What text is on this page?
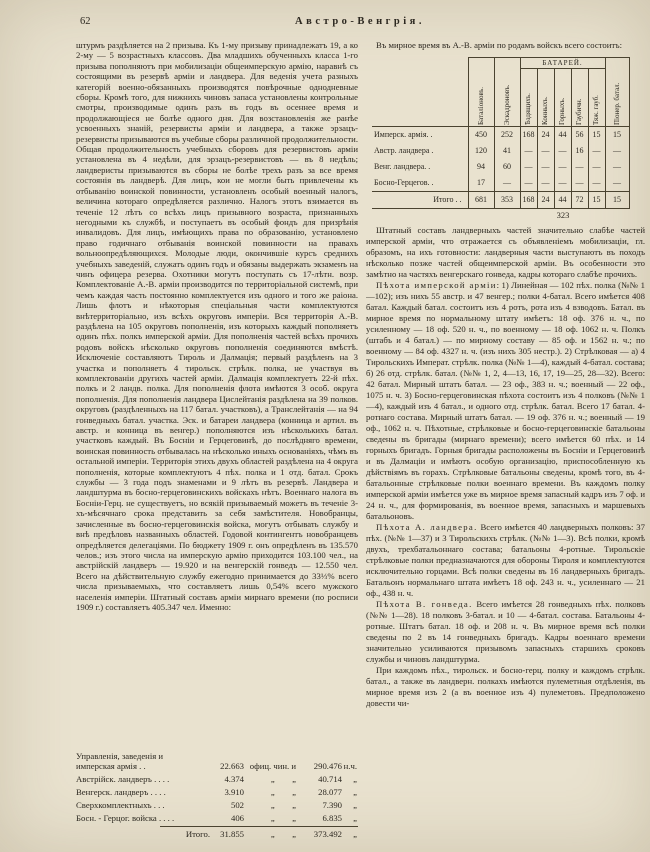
62	Австро-Венгрія.
штурмъ раздѣляется на 2 призыва. Къ 1-му призыву принадлежатъ 19, а ко 2-му — 5 возрастныхъ классовъ. Два младшихъ обученныхъ класса 1-го призыва пополняютъ при мобилизаціи общеимперскую армію, наравнѣ съ состоящими въ резервѣ арміи и ландвера. Для веденія учета разныхъ категорій военно-обязанныхъ производятся повѣрочные однодневные сборы. Кромѣ того, для нижнихъ чиновъ запаса установлены контрольные смотры, производимые одинъ разъ въ годъ въ осеннее время и продолжающіеся не болѣе одного дня. Для возстановленія же ранѣе усвоенныхъ знаній, резервисты арміи и ландвера, а также эрзацъ-резервисты призываются въ учебные сборы различной продолжительности. Общая продолжительность учебныхъ сборовъ для резервистовъ арміи установлена въ 4 недѣли, для эрзацъ-резервистовъ — въ 8 недѣль; ландверисты призываются въ сборы не болѣе трехъ разъ за все время состоянія въ ландверѣ. Для лицъ, кои не могли быть привлечены къ отбыванію воинской повинности, установленъ особый военный налогъ, величина котораго опредѣляется различно. Налогъ этотъ взимается въ теченіе 12 лѣтъ со всѣхъ лицъ призывного возраста, признанныхъ негодными къ службѣ, и поступаетъ въ особый фондъ для призрѣнія инвалидовъ. Для лицъ, имѣющихъ права по образованію, установлено право годичнаго отбыванія воинской повинности на правахъ вольноопредѣляющихся. Молодые люди, окончившіе курсъ среднихъ учебныхъ заведеній, служатъ одинъ годъ и обязаны выдержать экзаменъ на чинъ офицера резерва. Охотники могутъ поступать съ 17-лѣтн. возр. Комплектованіе А.-В. арміи производится по территоріальной системѣ, при чемъ каждая часть постоянно комплектуется изъ одного и того же раіона. Лишь флотъ и нѣкоторыя спеціальныя части комплектуются внѣтерриторіально, изъ всѣхъ округовъ имперіи. Вся территорія А.-В. раздѣлена на 105 округовъ пополненія, изъ которыхъ каждый пополняетъ одинъ пѣх. полкъ имперской арміи. Для пополненія частей всѣхъ прочихъ родовъ войскъ нѣсколько округовъ пополненія соединяются вмѣстѣ. Исключеніе составляютъ Тироль и Далмація; первый раздѣленъ на 3 участка и пополняетъ 4 тирольск. стрѣлк. полка, не участвуя въ комплектованіи другихъ частей арміи. Далмація комплектуетъ 22-й пѣх. полкъ и 2 ландв. полка. Для пополненія флота имѣются 3 особ. округа пополненія. Для пополненія ландвера Цислейтанія раздѣлена на 39 полков. округовъ (раздѣленныхъ на 117 батал. участковъ), а Транслейтанія — на 94 гонведныхъ батал. участка. Эск. и батареи ландвера (конница и артил. въ австр. и конница въ венгер.) пополняются изъ нѣсколькихъ батал. участковъ каждый. Въ Босніи и Герцеговинѣ, до послѣдняго времени, воинская повинность отбывалась на нѣсколько иныхъ основаніяхъ, чѣмъ въ остальной имперіи. Территорія этихъ двухъ областей раздѣлена на 4 округа пополненія, которые комплектуютъ 4 пѣх. полка и 1 отд. батал. Срокъ службы — 3 года подъ знаменами и 9 лѣтъ въ резервѣ. Ландвера и ландштурма въ босно-герцеговинскихъ войскахъ нѣтъ. Военнаго налога въ Босніи-Герц. не существуетъ, но всякій призываемый можетъ въ теченіе 3-хъ-мѣсячнаго срока представить за себя замѣстителя. Новобранцы, зачисленные въ босно-герцеговинскія войска, могутъ отбывать службу и внѣ предѣловъ названныхъ областей. Годовой контингентъ новобранцевъ опредѣляется делегаціями. По бюджету 1909 г. онъ опредѣленъ въ 135.570 челов.; изъ этого числа на имперскую армію приходится 103.100 чел., на австрійскій ландверъ — 19.920 и на венгерскій гонведъ — 12.550 чел. Всего на дѣйствительную службу ежегодно принимается до 33⅓% всего числа призываемыхъ, что составляетъ лишь 0,54% всего мужского населенія имперіи. Штатный составъ арміи мирнаго времени (по росписи 1909 г.) составляетъ 405.347 чел. Именно:
Управленія, заведенія и имперская армія . .	22.663 офиц. чин. и 290.476 н.ч.
Австрійск. ландверъ . . . .	4.374	„        „	40.714 „
Венгерск. ландверъ . . . .	3.910	„        „	28.077 „
Сверхкомплектныхъ . . .	502	„        „	7.390 „
Босн. - Герцог. войска . . . .	406	„        „	6.835 „
Итого.	31.855	„        „ 373.492 „
Въ мирное время въ А.-В. арміи по родамъ войскъ всего состоитъ:

	Баталіоновъ.	Эскадроновъ.	БАТАРЕЙ.					Піонер. батал.

			Ѣздящихъ.	Конныхъ.	Горныхъ.	Гаубичн.	Тяж. гауб.	

Имперск. армія. .	450	252	168	24	44	56	15	15
Австр. ландвера .	120	41	—	—	—	16	—	—
Венг. ландвера. .	94	60	—	—	—	—	—	—
Босно-Герцегов. .	17	—	—	—	—	—	—	—
Итого . .	681	353	168	24	44	72	15	15
323

Штатный составъ ландверныхъ частей значительно слабѣе частей имперской арміи, что отражается съ объявленіемъ мобилизаціи, гл. образомъ, на ихъ готовности: ландверныя части выступаютъ въ походъ нѣсколько позже частей общеимперской арміи. Въ особенности это замѣтно на частяхъ венгерскаго гонведа, кадры котораго слабѣе прочихъ.

Пѣхота имперской арміи: 1) Линейная — 102 пѣх. полка (№№ 1—102); изъ нихъ 55 австр. и 47 венгер.; полки 4-батал. Всего имѣется 408 батал. Каждый батал. состоитъ изъ 4 ротъ, рота изъ 4 взводовъ. Батал. въ мирное время по нормальному штату имѣетъ: 18 оф. 376 н. ч., по усиленному — 18 оф. 520 н. ч., по военному — 18 оф. 1062 н. ч. Полкъ (штабъ и 4 батал.) — по мирному составу — 85 оф. и 1562 н. ч.; по военному — 84 оф. 4327 н. ч. (изъ нихъ 305 нестр.). 2) Стрѣлковая — а) 4 Тирольскихъ Императ. стрѣлк. полка (№№ 1—4), каждый 4-батал. состава; б) 26 отд. стрѣлк. батал. (№№ 1, 2, 4—13, 16, 17, 19—25, 28—32). Всего: 42 батал. Мирный штатъ батал. — 23 оф., 383 н. ч.; военный — 22 оф., 1075 н. ч. 3) Босно-герцеговинская пѣхота состоитъ изъ 4 полковъ (№№ 1—4), каждый изъ 4 батал., и одного отд. стрѣлк. батал. Всего 17 батал. 4-ротнаго состава. Мирный штатъ батал. — 19 оф. 376 н. ч.; военный — 19 оф., 1062 н. ч. Пѣхотные, стрѣлковые и босно-герцеговинскіе батальоны сведены въ бригады (мирнаго времени); всего имѣется 60 пѣх. и 14 горныхъ бригадъ. Горныя бригады расположены въ Босніи и Герцеговинѣ и въ Далмаціи и имѣютъ особую организацію, приспособленную къ дѣйствіямъ въ горахъ. Стрѣлковые батальоны сведены, кромѣ того, въ 4-батальонные стрѣлковые полки военнаго времени. Въ каждомъ полку имперской арміи имѣется уже въ мирное время запасный кадръ изъ 7 оф. и 24 н. ч., для формированія, въ военное время, запасныхъ и маршевыхъ батальоновъ.

Пѣхота А. ландвера. Всего имѣется 40 ландверныхъ полковъ: 37 пѣх. (№№ 1—37) и 3 Тирольскихъ стрѣлк. (№№ 1—3). Всѣ полки, кромѣ двухъ, трехбатальоннаго состава; батальоны 4-ротные. Тирольскіе стрѣлковые полки предназначаются для обороны Тироля и комплектуются исключительно горцами. Всѣ полки сведены въ 16 ландверныхъ бригадъ. Батальонъ нормальнаго штата имѣетъ 18 оф. 243 н. ч., усиленнаго — 21 оф., 438 н. ч.

Пѣхота В. гонведа. Всего имѣется 28 гонведныхъ пѣх. полковъ (№№ 1—28). 18 полковъ 3-батал. и 10 — 4-батал. состава. Батальоны 4-ротные. Штатъ батал. 18 оф. и 208 н. ч. Въ мирное время всѣ полки сведены по 2 въ 14 гонведныхъ бригадъ. Кадры военнаго времени значительно усиливаются призывомъ запасныхъ старшихъ сроковъ службы и чиновъ ландштурма.

При каждомъ пѣх., тирольск. и босно-герц. полку и каждомъ стрѣлк. батал., а также въ ландверн. полкахъ имѣются пулеметныя отдѣленія, въ мирное время изъ 2 (а въ военное изъ 4) пулеметовъ. Предположено довести чи-
